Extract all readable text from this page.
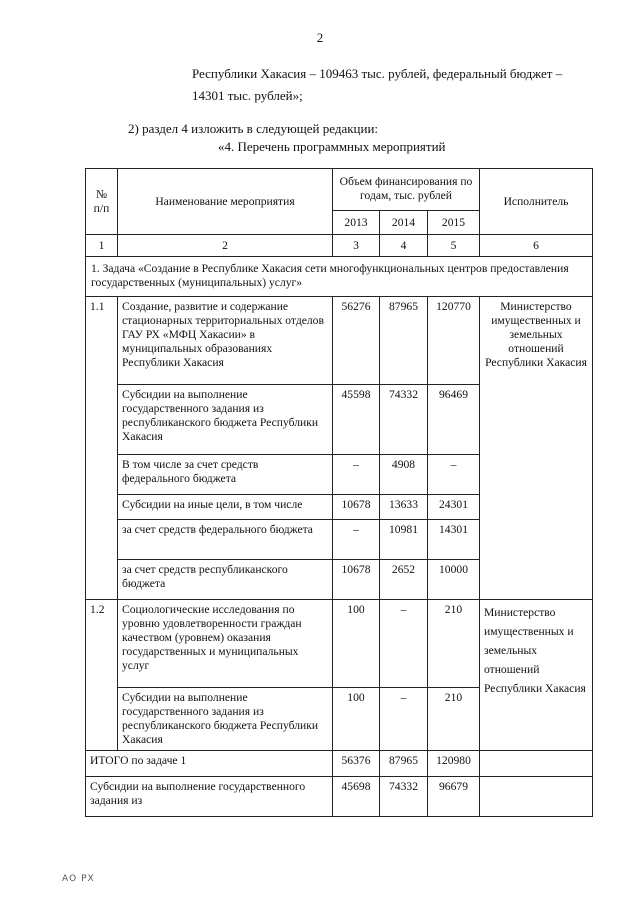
2
Республики Хакасия – 109463 тыс. рублей, федеральный бюджет –
14301 тыс. рублей»;
2) раздел 4 изложить в следующей редакции:
«4. Перечень программных мероприятий
№ п/п	Наименование мероприятия	Объем финансирования по годам, тыс. рублей			Исполнитель
		2013	2014	2015	
1	2	3	4	5	6
1. Задача «Создание в Республике Хакасия сети многофункциональных центров предоставления государственных (муниципальных) услуг»					
1.1	Создание, развитие и содержание стационарных территориальных отделов ГАУ РХ «МФЦ Хакасии» в муниципальных образованиях Республики Хакасия	56276	87965	120770	Министерство имущественных и земельных отношений Республики Хакасия
	Субсидии на выполнение государственного задания из республиканского бюджета Республики Хакасия	45598	74332	96469	
	В том числе за счет средств федерального бюджета	–	4908	–	
	Субсидии на иные цели, в том числе	10678	13633	24301	
	за счет средств федерального бюджета	–	10981	14301	
	за счет средств республиканского бюджета	10678	2652	10000	
1.2	Социологические исследования по уровню удовлетворенности граждан качеством (уровнем) оказания государственных и муниципальных услуг	100	–	210	Министерство имущественных и земельных отношений Республики Хакасия
	Субсидии на выполнение государственного задания из республиканского бюджета Республики Хакасия	100	–	210	
ИТОГО по задаче 1		56376	87965	120980	
Субсидии на выполнение государственного задания из		45698	74332	96679	
АО РХ
